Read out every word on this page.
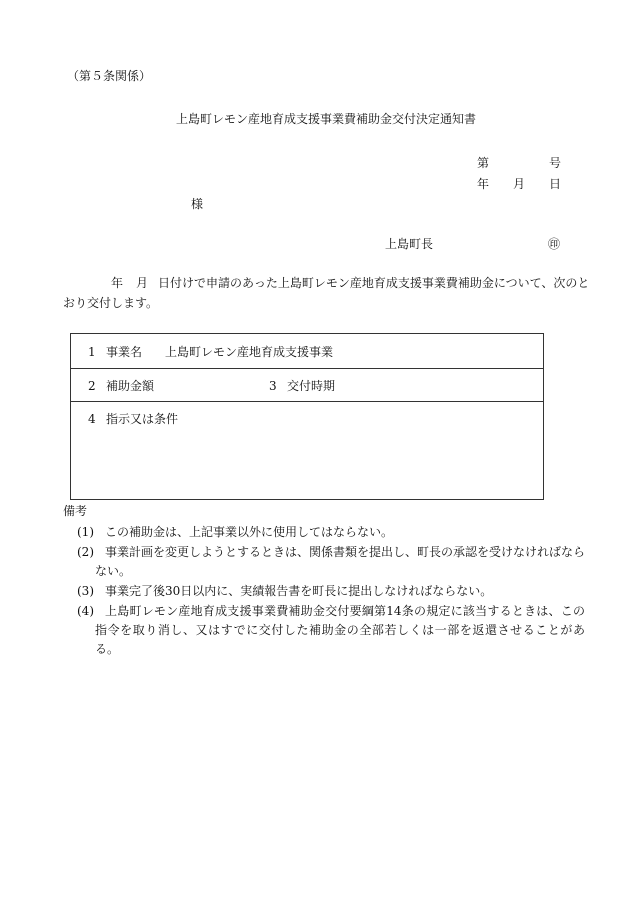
（第５条関係）
上島町レモン産地育成支援事業費補助金交付決定通知書
第	号
年 月 日
様
上島町長	㊞
年 月 日付けで申請のあった上島町レモン産地育成支援事業費補助金について、次のと
おり交付します。
1 事業名 上島町レモン産地育成支援事業
2 補助金額	3 交付時期
4 指示又は条件
備考
(1) この補助金は、上記事業以外に使用してはならない。
(2) 事業計画を変更しようとするときは、関係書類を提出し、町長の承認を受けなければならない。
(3) 事業完了後30日以内に、実績報告書を町長に提出しなければならない。
(4) 上島町レモン産地育成支援事業費補助金交付要綱第14条の規定に該当するときは、この指令を取り消し、又はすでに交付した補助金の全部若しくは一部を返還させることがある。
